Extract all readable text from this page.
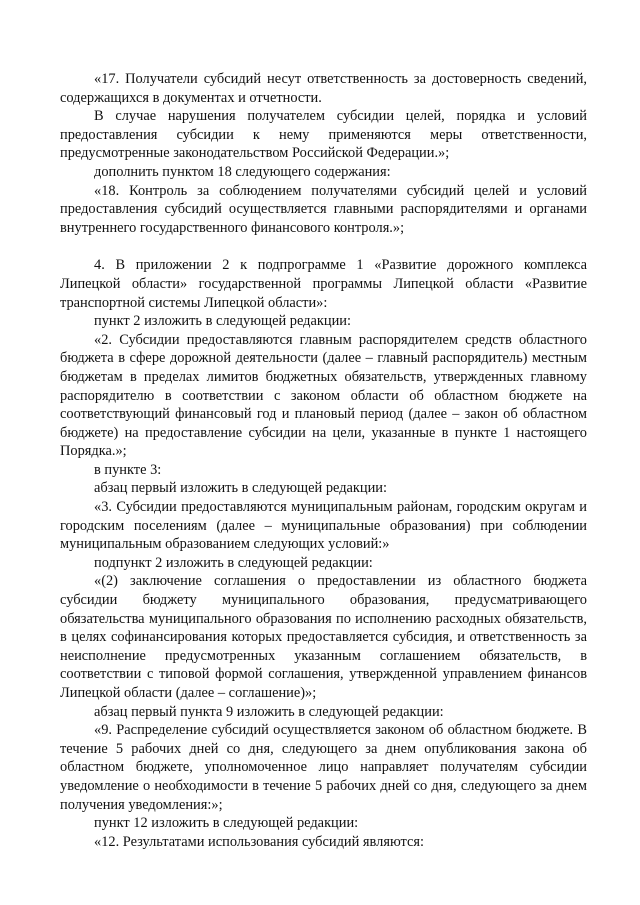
«17. Получатели субсидий несут ответственность за достоверность сведений, содержащихся в документах и отчетности.

В случае нарушения получателем субсидии целей, порядка и условий предоставления субсидии к нему применяются меры ответственности, предусмотренные законодательством Российской Федерации.»;

дополнить пунктом 18 следующего содержания:

«18. Контроль за соблюдением получателями субсидий целей и условий предоставления субсидий осуществляется главными распорядителями и органами внутреннего государственного финансового контроля.»;

4. В приложении 2 к подпрограмме 1 «Развитие дорожного комплекса Липецкой области» государственной программы Липецкой области «Развитие транспортной системы Липецкой области»:

пункт 2 изложить в следующей редакции:

«2. Субсидии предоставляются главным распорядителем средств областного бюджета в сфере дорожной деятельности (далее – главный распорядитель) местным бюджетам в пределах лимитов бюджетных обязательств, утвержденных главному распорядителю в соответствии с законом области об областном бюджете на соответствующий финансовый год и плановый период (далее – закон об областном бюджете) на предоставление субсидии на цели, указанные в пункте 1 настоящего Порядка.»;

в пункте 3:

абзац первый изложить в следующей редакции:

«3. Субсидии предоставляются муниципальным районам, городским округам и городским поселениям (далее – муниципальные образования) при соблюдении муниципальным образованием следующих условий:»

подпункт 2 изложить в следующей редакции:

«(2) заключение соглашения о предоставлении из областного бюджета субсидии бюджету муниципального образования, предусматривающего обязательства муниципального образования по исполнению расходных обязательств, в целях софинансирования которых предоставляется субсидия, и ответственность за неисполнение предусмотренных указанным соглашением обязательств, в соответствии с типовой формой соглашения, утвержденной управлением финансов Липецкой области (далее – соглашение)»;

абзац первый пункта 9 изложить в следующей редакции:

«9. Распределение субсидий осуществляется законом об областном бюджете. В течение 5 рабочих дней со дня, следующего за днем опубликования закона об областном бюджете, уполномоченное лицо направляет получателям субсидии уведомление о необходимости в течение 5 рабочих дней со дня, следующего за днем получения уведомления:»;

пункт 12 изложить в следующей редакции:

«12. Результатами использования субсидий являются:
